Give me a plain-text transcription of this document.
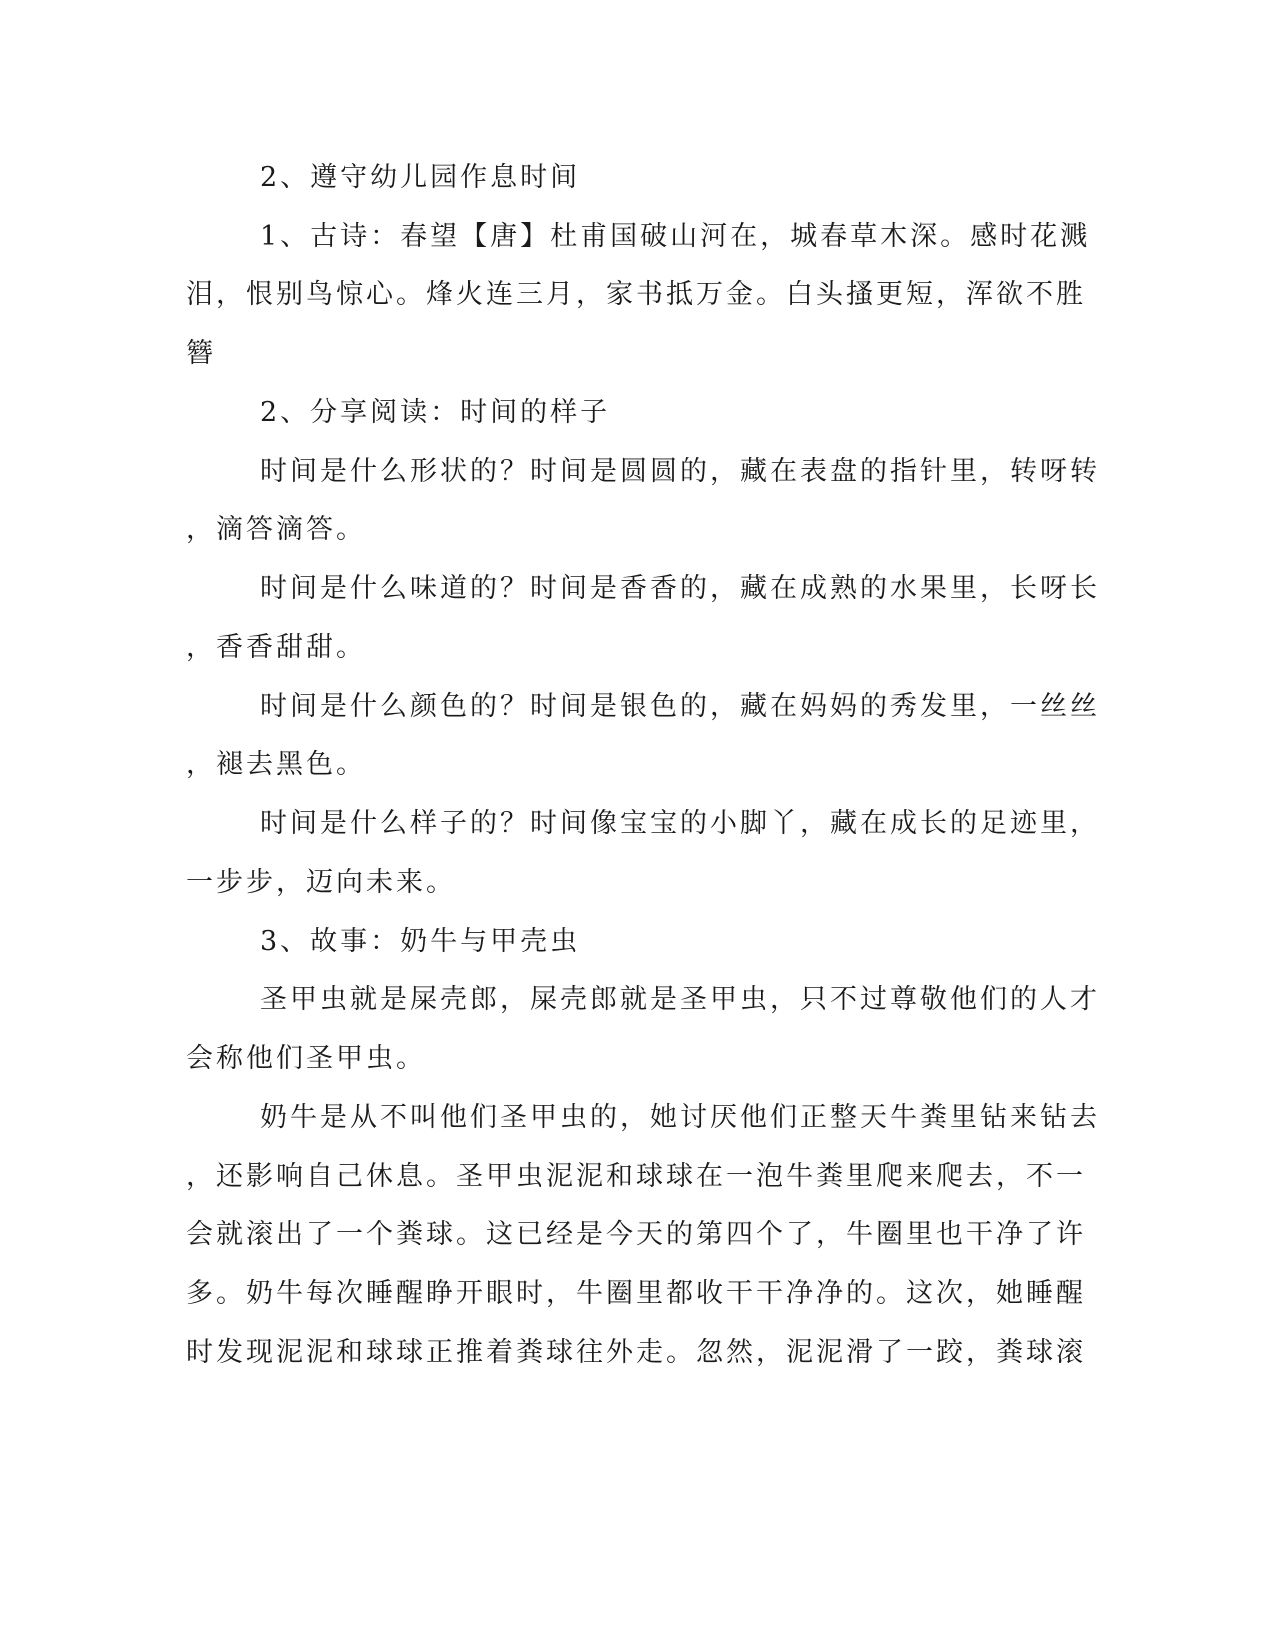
2、遵守幼儿园作息时间
1、古诗：春望【唐】杜甫国破山河在，城春草木深。感时花溅
泪，恨别鸟惊心。烽火连三月，家书抵万金。白头搔更短，浑欲不胜
簪
2、分享阅读：时间的样子
时间是什么形状的？时间是圆圆的，藏在表盘的指针里，转呀转
，滴答滴答。
时间是什么味道的？时间是香香的，藏在成熟的水果里，长呀长
，香香甜甜。
时间是什么颜色的？时间是银色的，藏在妈妈的秀发里，一丝丝
，褪去黑色。
时间是什么样子的？时间像宝宝的小脚丫，藏在成长的足迹里，
一步步，迈向未来。
3、故事：奶牛与甲壳虫
圣甲虫就是屎壳郎，屎壳郎就是圣甲虫，只不过尊敬他们的人才
会称他们圣甲虫。
奶牛是从不叫他们圣甲虫的，她讨厌他们正整天牛粪里钻来钻去
，还影响自己休息。圣甲虫泥泥和球球在一泡牛粪里爬来爬去，不一
会就滚出了一个粪球。这已经是今天的第四个了，牛圈里也干净了许
多。奶牛每次睡醒睁开眼时，牛圈里都收干干净净的。这次，她睡醒
时发现泥泥和球球正推着粪球往外走。忽然，泥泥滑了一跤，粪球滚
